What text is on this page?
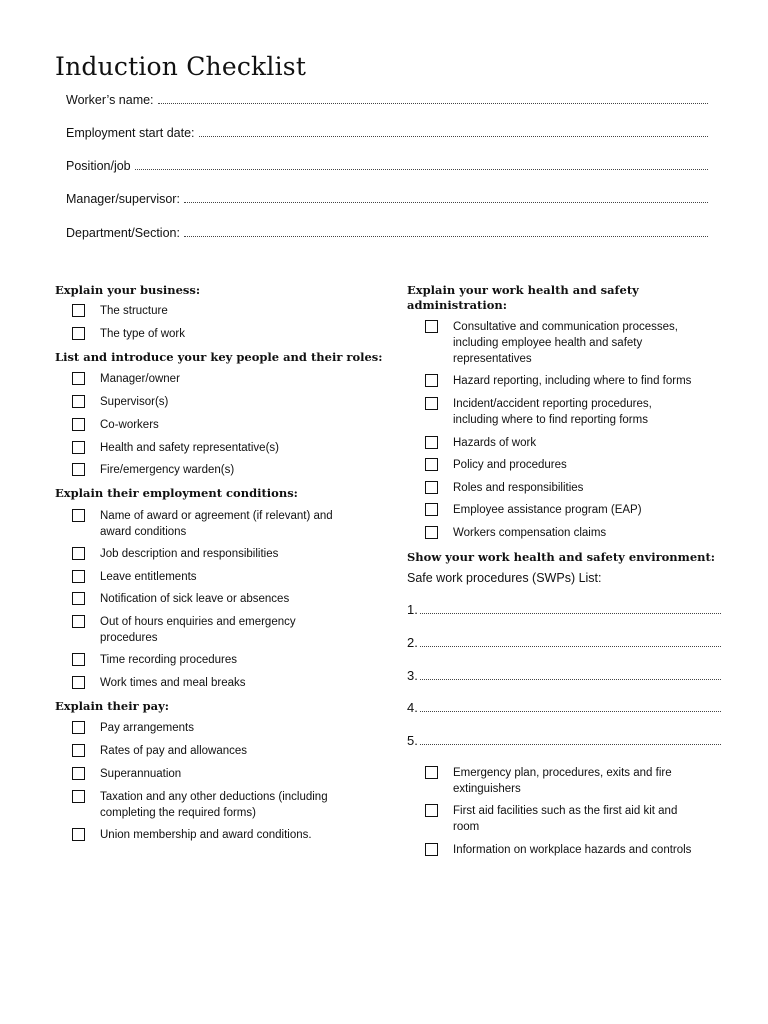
Induction Checklist
Worker’s name:
Employment start date:
Position/job
Manager/supervisor:
Department/Section:
Explain your business:
The structure
The type of work
List and introduce your key people and their roles:
Manager/owner
Supervisor(s)
Co-workers
Health and safety representative(s)
Fire/emergency warden(s)
Explain their employment conditions:
Name of award or agreement (if relevant) and award conditions
Job description and responsibilities
Leave entitlements
Notification of sick leave or absences
Out of hours enquiries and emergency procedures
Time recording procedures
Work times and meal breaks
Explain their pay:
Pay arrangements
Rates of pay and allowances
Superannuation
Taxation and any other deductions (including completing the required forms)
Union membership and award conditions.
Explain your work health and safety administration:
Consultative and communication processes, including employee health and safety representatives
Hazard reporting, including where to find forms
Incident/accident reporting procedures, including where to find reporting forms
Hazards of work
Policy and procedures
Roles and responsibilities
Employee assistance program (EAP)
Workers compensation claims
Show your work health and safety environment:
Safe work procedures (SWPs) List:
1.
2.
3.
4.
5.
Emergency plan, procedures, exits and fire extinguishers
First aid facilities such as the first aid kit and room
Information on workplace hazards and controls
